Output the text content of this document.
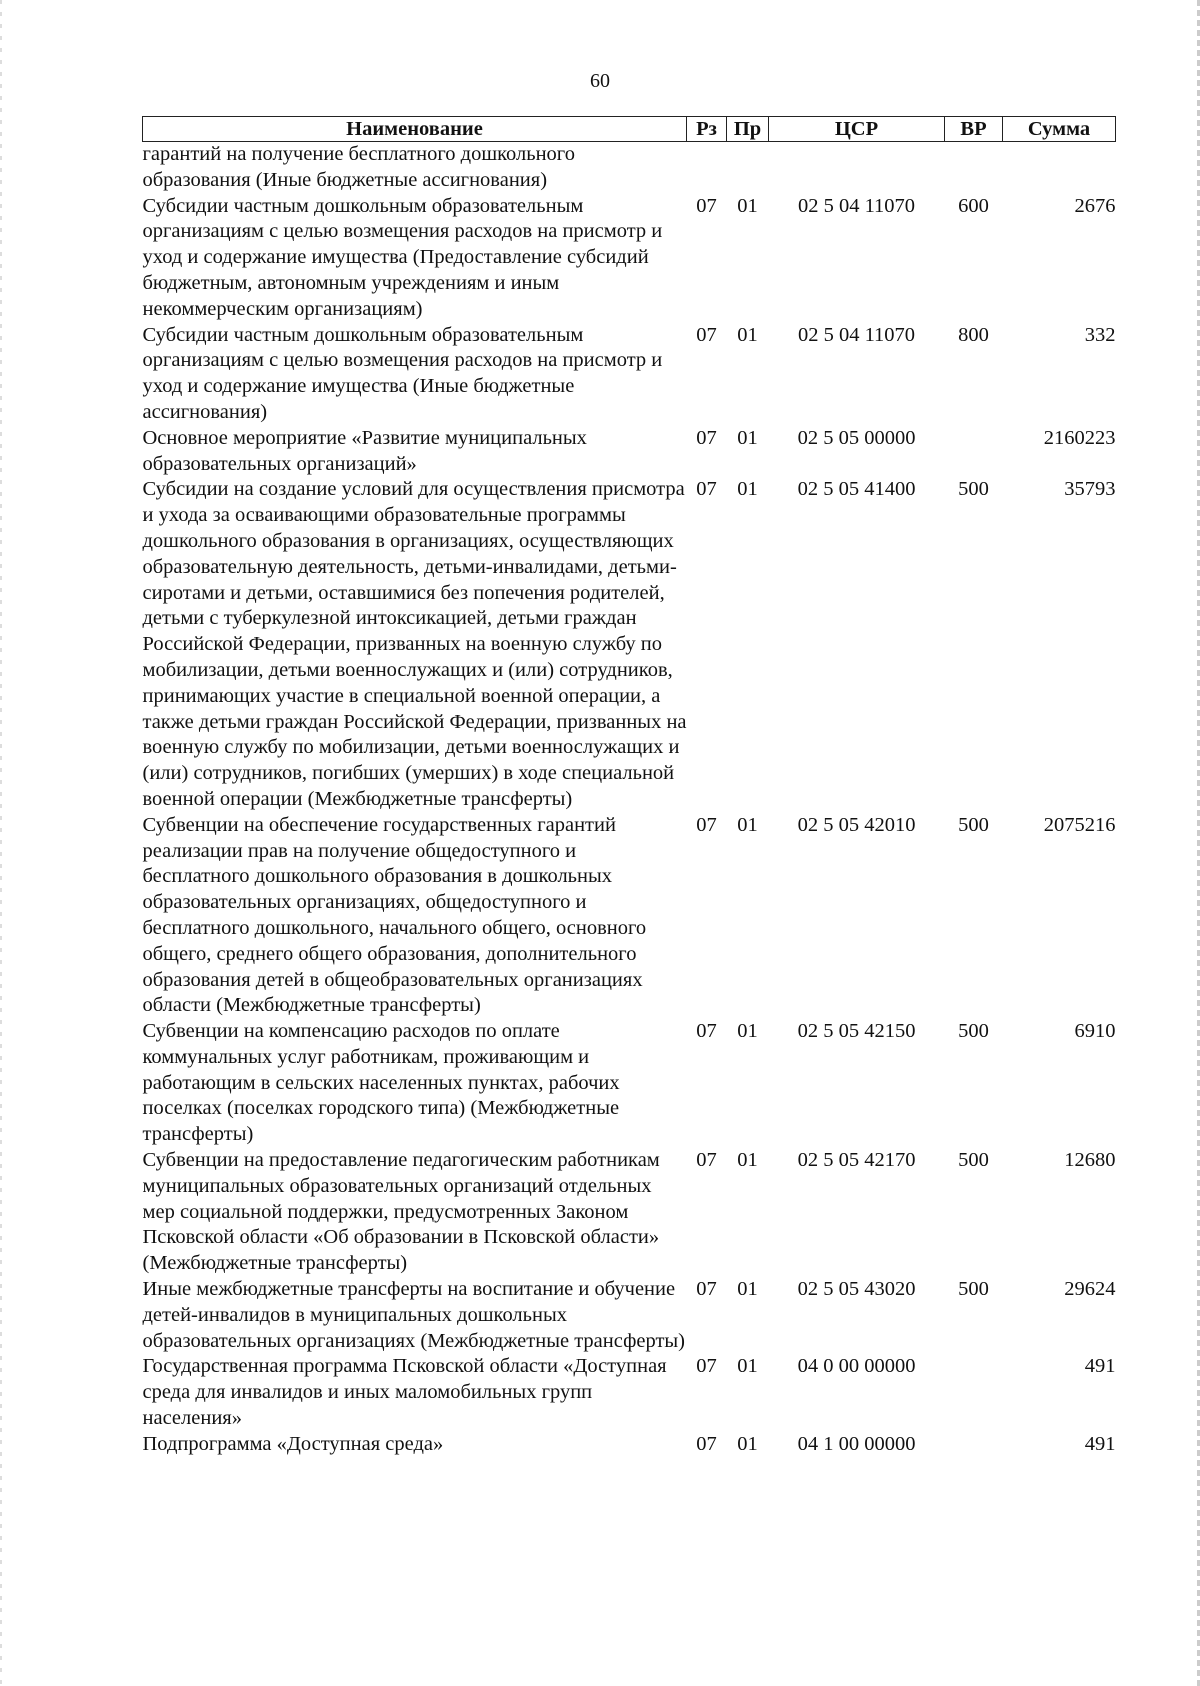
60
Наименование	Рз	Пр	ЦСР	ВР	Сумма
гарантий на получение бесплатного дошкольного образования (Иные бюджетные ассигнования)					
Субсидии частным дошкольным образовательным организациям с целью возмещения расходов на присмотр и уход и содержание имущества (Предоставление субсидий бюджетным, автономным учреждениям и иным некоммерческим организациям)	07	01	02 5 04 11070	600	2676
Субсидии частным дошкольным образовательным организациям с целью возмещения расходов на присмотр и уход и содержание имущества (Иные бюджетные ассигнования)	07	01	02 5 04 11070	800	332
Основное мероприятие «Развитие муниципальных образовательных организаций»	07	01	02 5 05 00000		2160223
Субсидии на создание условий для осуществления присмотра и ухода за осваивающими образовательные программы дошкольного образования в организациях, осуществляющих образовательную деятельность, детьми-инвалидами, детьми-сиротами и детьми, оставшимися без попечения родителей, детьми с туберкулезной интоксикацией, детьми граждан Российской Федерации, призванных на военную службу по мобилизации, детьми военнослужащих и (или) сотрудников, принимающих участие в специальной военной операции, а также детьми граждан Российской Федерации, призванных на военную службу по мобилизации, детьми военнослужащих и (или) сотрудников, погибших (умерших) в ходе специальной военной операции (Межбюджетные трансферты)	07	01	02 5 05 41400	500	35793
Субвенции на обеспечение государственных гарантий реализации прав на получение общедоступного и бесплатного дошкольного образования в дошкольных образовательных организациях, общедоступного и бесплатного дошкольного, начального общего, основного общего, среднего общего образования, дополнительного образования детей в общеобразовательных организациях области (Межбюджетные трансферты)	07	01	02 5 05 42010	500	2075216
Субвенции на компенсацию расходов по оплате коммунальных услуг работникам, проживающим и работающим в сельских населенных пунктах, рабочих поселках (поселках городского типа) (Межбюджетные трансферты)	07	01	02 5 05 42150	500	6910
Субвенции на предоставление педагогическим работникам муниципальных образовательных организаций отдельных мер социальной поддержки, предусмотренных Законом Псковской области «Об образовании в Псковской области» (Межбюджетные трансферты)	07	01	02 5 05 42170	500	12680
Иные межбюджетные трансферты на воспитание и обучение детей-инвалидов в муниципальных дошкольных образовательных организациях (Межбюджетные трансферты)	07	01	02 5 05 43020	500	29624
Государственная программа Псковской области «Доступная среда для инвалидов и иных маломобильных групп населения»	07	01	04 0 00 00000		491
Подпрограмма «Доступная среда»	07	01	04 1 00 00000		491
